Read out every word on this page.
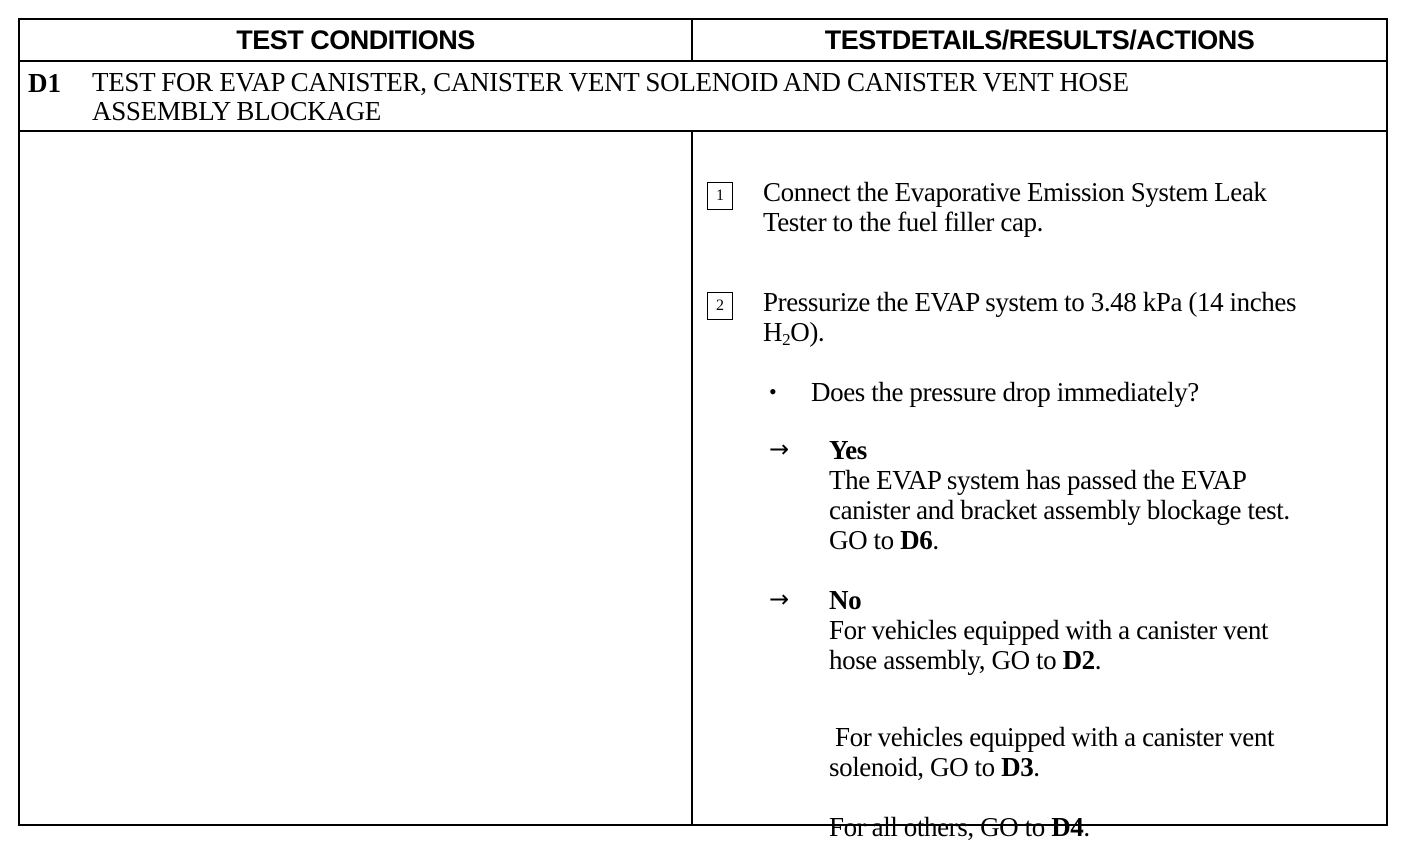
TEST CONDITIONS	TESTDETAILS/RESULTS/ACTIONS
D1 TEST FOR EVAP CANISTER, CANISTER VENT SOLENOID AND CANISTER VENT HOSE
ASSEMBLY BLOCKAGE
1	Connect the Evaporative Emission System Leak
Tester to the fuel filler cap.
2	Pressurize the EVAP system to 3.48 kPa (14 inches
$H_2O$).
• Does the pressure drop immediately?
→ Yes
The EVAP system has passed the EVAP
canister and bracket assembly blockage test.
GO to D6.
→ No
For vehicles equipped with a canister vent
hose assembly, GO to D2.
For vehicles equipped with a canister vent
solenoid, GO to D3.
For all others, GO to D4.
